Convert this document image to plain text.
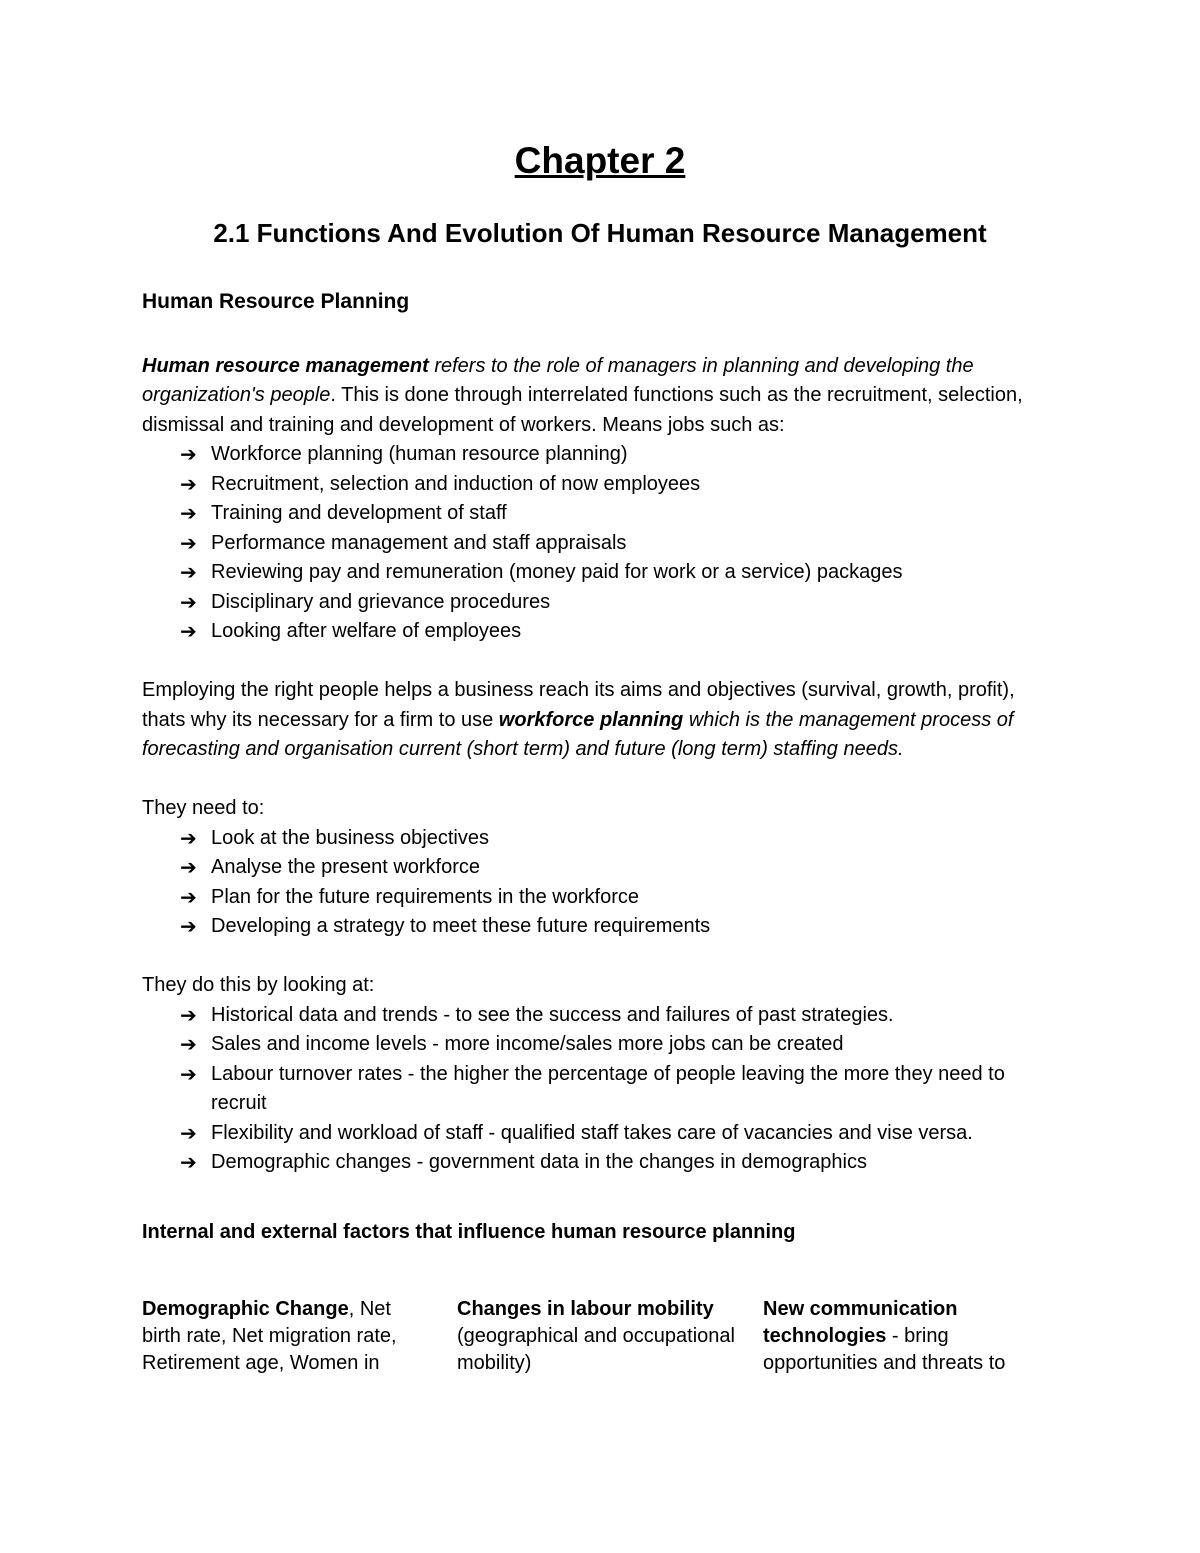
Chapter 2
2.1 Functions And Evolution Of Human Resource Management

Human Resource Planning

Human resource management refers to the role of managers in planning and developing the organization's people. This is done through interrelated functions such as the recruitment, selection, dismissal and training and development of workers. Means jobs such as:

➔ Workforce planning (human resource planning)
➔ Recruitment, selection and induction of now employees
➔ Training and development of staff
➔ Performance management and staff appraisals
➔ Reviewing pay and remuneration (money paid for work or a service) packages
➔ Disciplinary and grievance procedures
➔ Looking after welfare of employees

Employing the right people helps a business reach its aims and objectives (survival, growth, profit), thats why its necessary for a firm to use workforce planning which is the management process of forecasting and organisation current (short term) and future (long term) staffing needs.

They need to:

➔ Look at the business objectives
➔ Analyse the present workforce
➔ Plan for the future requirements in the workforce
➔ Developing a strategy to meet these future requirements

They do this by looking at:

➔ Historical data and trends - to see the success and failures of past strategies.
➔ Sales and income levels - more income/sales more jobs can be created
➔ Labour turnover rates - the higher the percentage of people leaving the more they need to recruit
➔ Flexibility and workload of staff - qualified staff takes care of vacancies and vise versa.
➔ Demographic changes - government data in the changes in demographics

Internal and external factors that influence human resource planning

Demographic Change, Net birth rate, Net migration rate, Retirement age, Women in
Changes in labour mobility (geographical and occupational mobility)
New communication technologies - bring opportunities and threats to
